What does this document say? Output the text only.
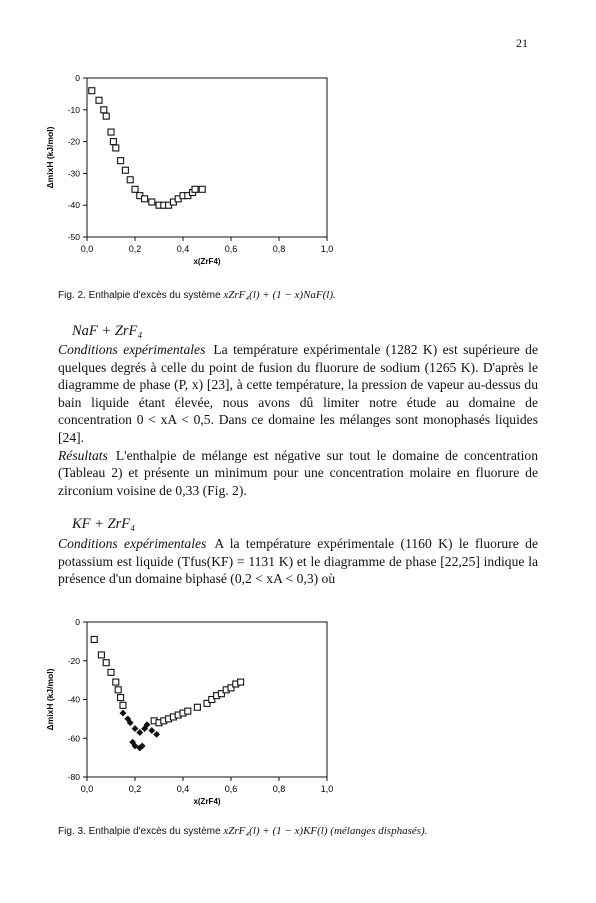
21
0,0	0,2	0,4	0,6	0,8	1,0
0
-10
-20
-30
-40
-50
x(ZrF4)
ΔmixH (kJ/mol)
Fig. 2. Enthalpie d'excès du système xZrF₄(l) + (1 − x)NaF(l).
NaF + ZrF₄

Conditions expérimentales La température expérimentale (1282 K) est supérieure de quelques degrés à celle du point de fusion du fluorure de sodium (1265 K). D'après le diagramme de phase (P, x) [23], à cette température, la pression de vapeur au-dessus du bain liquide étant élevée, nous avons dû limiter notre étude au domaine de concentration 0 < xA < 0,5. Dans ce domaine les mélanges sont monophasés liquides [24].

Résultats L'enthalpie de mélange est négative sur tout le domaine de concentration (Tableau 2) et présente un minimum pour une concentration molaire en fluorure de zirconium voisine de 0,33 (Fig. 2).

KF + ZrF₄

Conditions expérimentales A la température expérimentale (1160 K) le fluorure de potassium est liquide (Tfus(KF) = 1131 K) et le diagramme de phase [22,25] indique la présence d'un domaine biphasé (0,2 < xA < 0,3) où

0,0	0,2	0,4	0,6	0,8	1,0
0
-20
-40
-60
-80
x(ZrF4)
ΔmixH (kJ/mol)
Fig. 3. Enthalpie d'excès du système xZrF₄(l) + (1 − x)KF(l) (mélanges disphasés).
